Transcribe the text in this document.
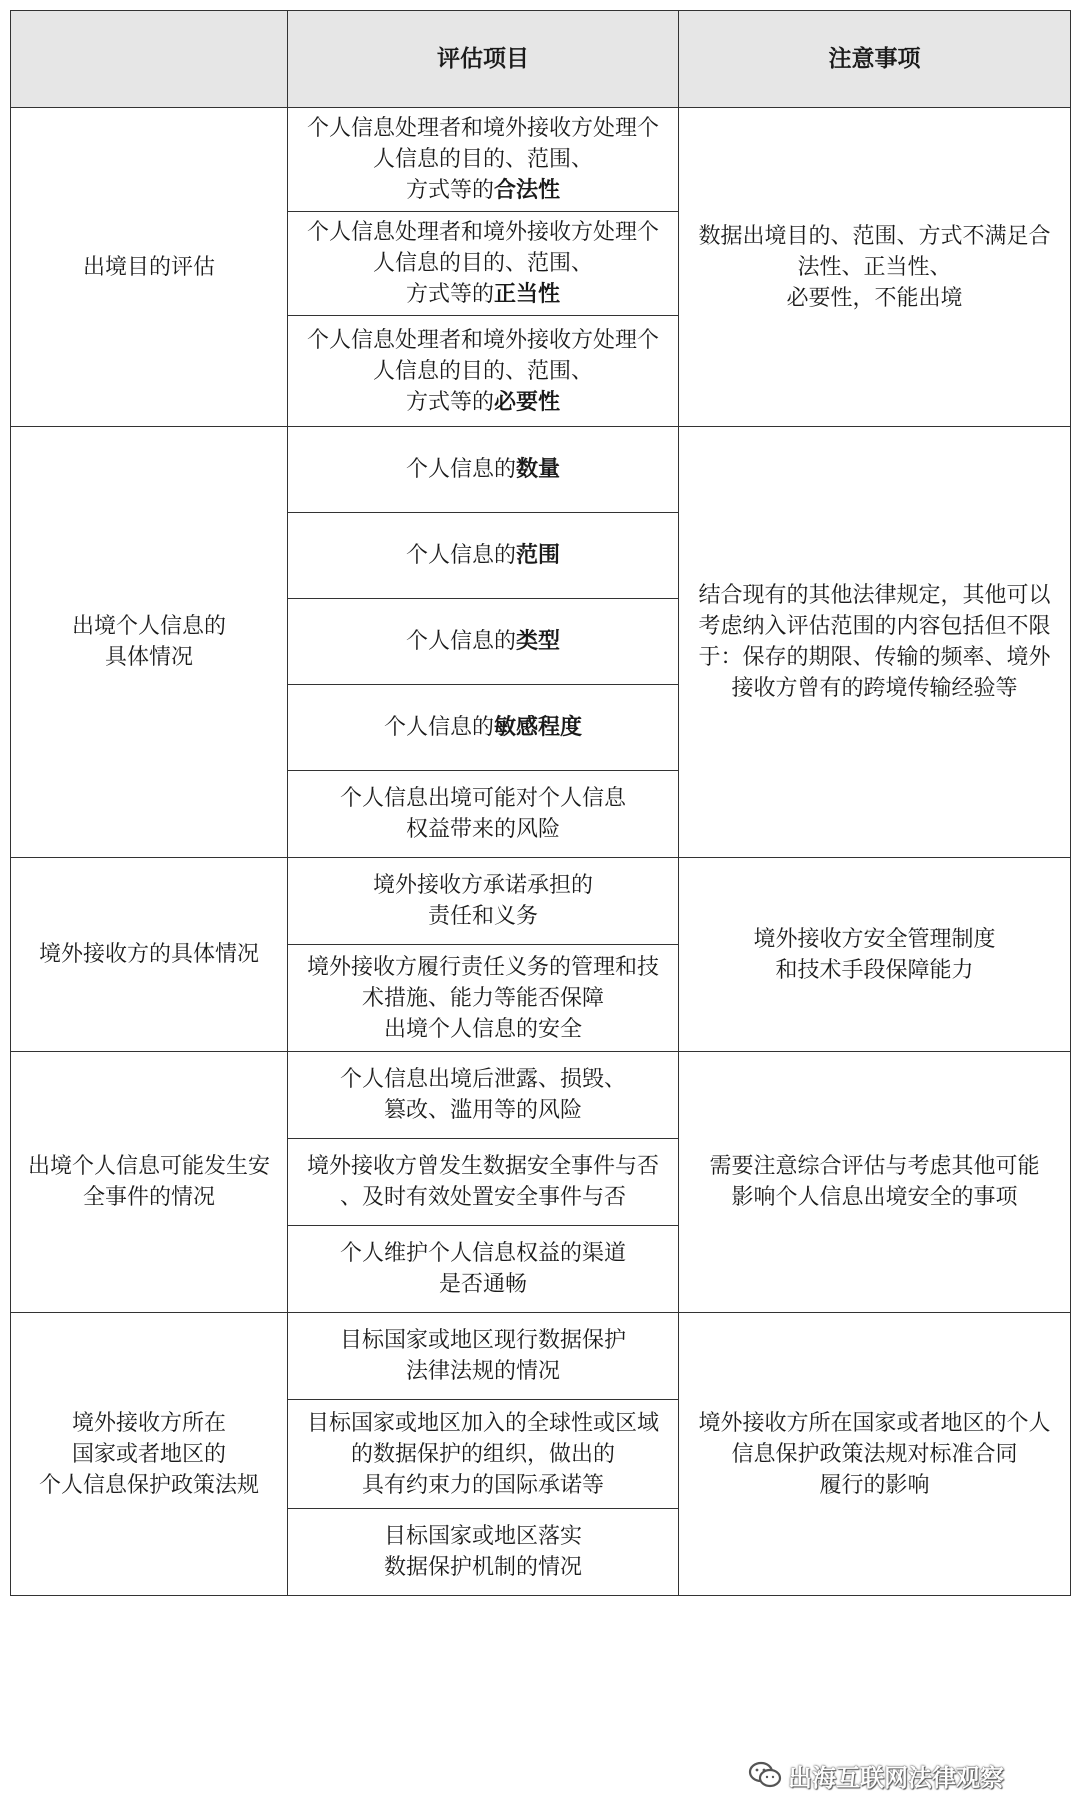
	评估项目	注意事项

出境目的评估	个人信息处理者和境外接收方处理个
人信息的目的、范围、
方式等的合法性	数据出境目的、范围、方式不满足合
法性、正当性、
必要性，不能出境

	个人信息处理者和境外接收方处理个
人信息的目的、范围、
方式等的正当性	

	个人信息处理者和境外接收方处理个
人信息的目的、范围、
方式等的必要性	

出境个人信息的
具体情况	个人信息的数量	结合现有的其他法律规定，其他可以
考虑纳入评估范围的内容包括但不限
于：保存的期限、传输的频率、境外
接收方曾有的跨境传输经验等

	个人信息的范围	

	个人信息的类型	

	个人信息的敏感程度	

	个人信息出境可能对个人信息
权益带来的风险	

境外接收方的具体情况	境外接收方承诺承担的
责任和义务	境外接收方安全管理制度
和技术手段保障能力

	境外接收方履行责任义务的管理和技
术措施、能力等能否保障
出境个人信息的安全	

出境个人信息可能发生安
全事件的情况	个人信息出境后泄露、损毁、
篡改、滥用等的风险	需要注意综合评估与考虑其他可能
影响个人信息出境安全的事项

	境外接收方曾发生数据安全事件与否
、及时有效处置安全事件与否	

	个人维护个人信息权益的渠道
是否通畅	

境外接收方所在
国家或者地区的
个人信息保护政策法规	目标国家或地区现行数据保护
法律法规的情况	境外接收方所在国家或者地区的个人
信息保护政策法规对标准合同
履行的影响

	目标国家或地区加入的全球性或区域
的数据保护的组织，做出的
具有约束力的国际承诺等	

	目标国家或地区落实
数据保护机制的情况	
出海互联网法律观察
